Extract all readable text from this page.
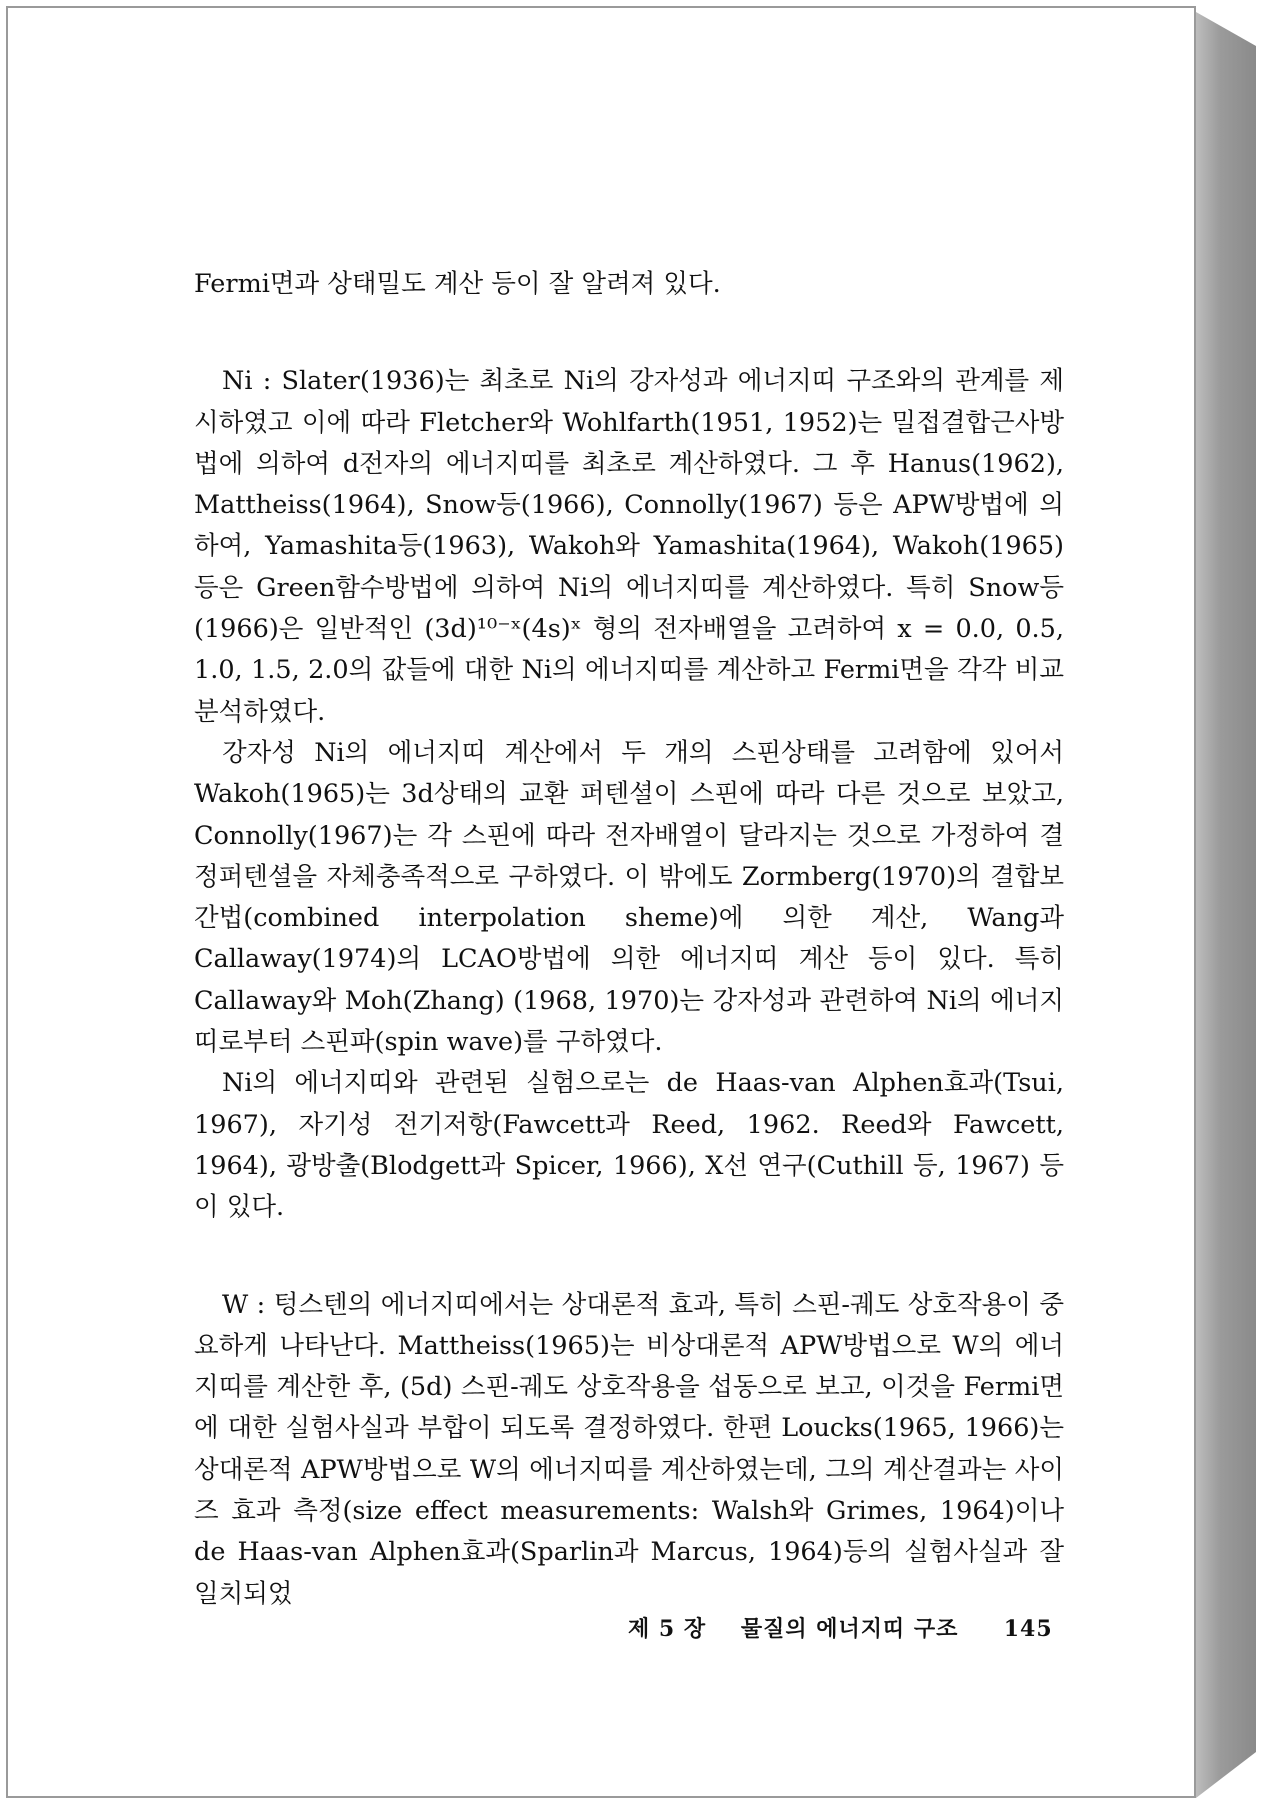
Fermi면과 상태밀도 계산 등이 잘 알려져 있다.

Ni : Slater(1936)는 최초로 Ni의 강자성과 에너지띠 구조와의 관계를 제시하였고 이에 따라 Fletcher와 Wohlfarth(1951, 1952)는 밀접결합근사방법에 의하여 d전자의 에너지띠를 최초로 계산하였다. 그 후 Hanus(1962), Mattheiss(1964), Snow등(1966), Connolly(1967) 등은 APW방법에 의하여, Yamashita등(1963), Wakoh와 Yamashita(1964), Wakoh(1965) 등은 Green함수방법에 의하여 Ni의 에너지띠를 계산하였다. 특히 Snow등(1966)은 일반적인 (3d)¹⁰⁻ˣ(4s)ˣ 형의 전자배열을 고려하여 x = 0.0, 0.5, 1.0, 1.5, 2.0의 값들에 대한 Ni의 에너지띠를 계산하고 Fermi면을 각각 비교분석하였다.

강자성 Ni의 에너지띠 계산에서 두 개의 스핀상태를 고려함에 있어서 Wakoh(1965)는 3d상태의 교환 퍼텐셜이 스핀에 따라 다른 것으로 보았고, Connolly(1967)는 각 스핀에 따라 전자배열이 달라지는 것으로 가정하여 결정퍼텐셜을 자체충족적으로 구하였다. 이 밖에도 Zormberg(1970)의 결합보간법(combined interpolation sheme)에 의한 계산, Wang과 Callaway(1974)의 LCAO방법에 의한 에너지띠 계산 등이 있다. 특히 Callaway와 Moh(Zhang) (1968, 1970)는 강자성과 관련하여 Ni의 에너지띠로부터 스핀파(spin wave)를 구하였다.

Ni의 에너지띠와 관련된 실험으로는 de Haas-van Alphen효과(Tsui, 1967), 자기성 전기저항(Fawcett과 Reed, 1962. Reed와 Fawcett, 1964), 광방출(Blodgett과 Spicer, 1966), X선 연구(Cuthill 등, 1967) 등이 있다.

W : 텅스텐의 에너지띠에서는 상대론적 효과, 특히 스핀-궤도 상호작용이 중요하게 나타난다. Mattheiss(1965)는 비상대론적 APW방법으로 W의 에너지띠를 계산한 후, (5d) 스핀-궤도 상호작용을 섭동으로 보고, 이것을 Fermi면에 대한 실험사실과 부합이 되도록 결정하였다. 한편 Loucks(1965, 1966)는 상대론적 APW방법으로 W의 에너지띠를 계산하였는데, 그의 계산결과는 사이즈 효과 측정(size effect measurements: Walsh와 Grimes, 1964)이나 de Haas-van Alphen효과(Sparlin과 Marcus, 1964)등의 실험사실과 잘 일치되었

제 5 장 물질의 에너지띠 구조 145
